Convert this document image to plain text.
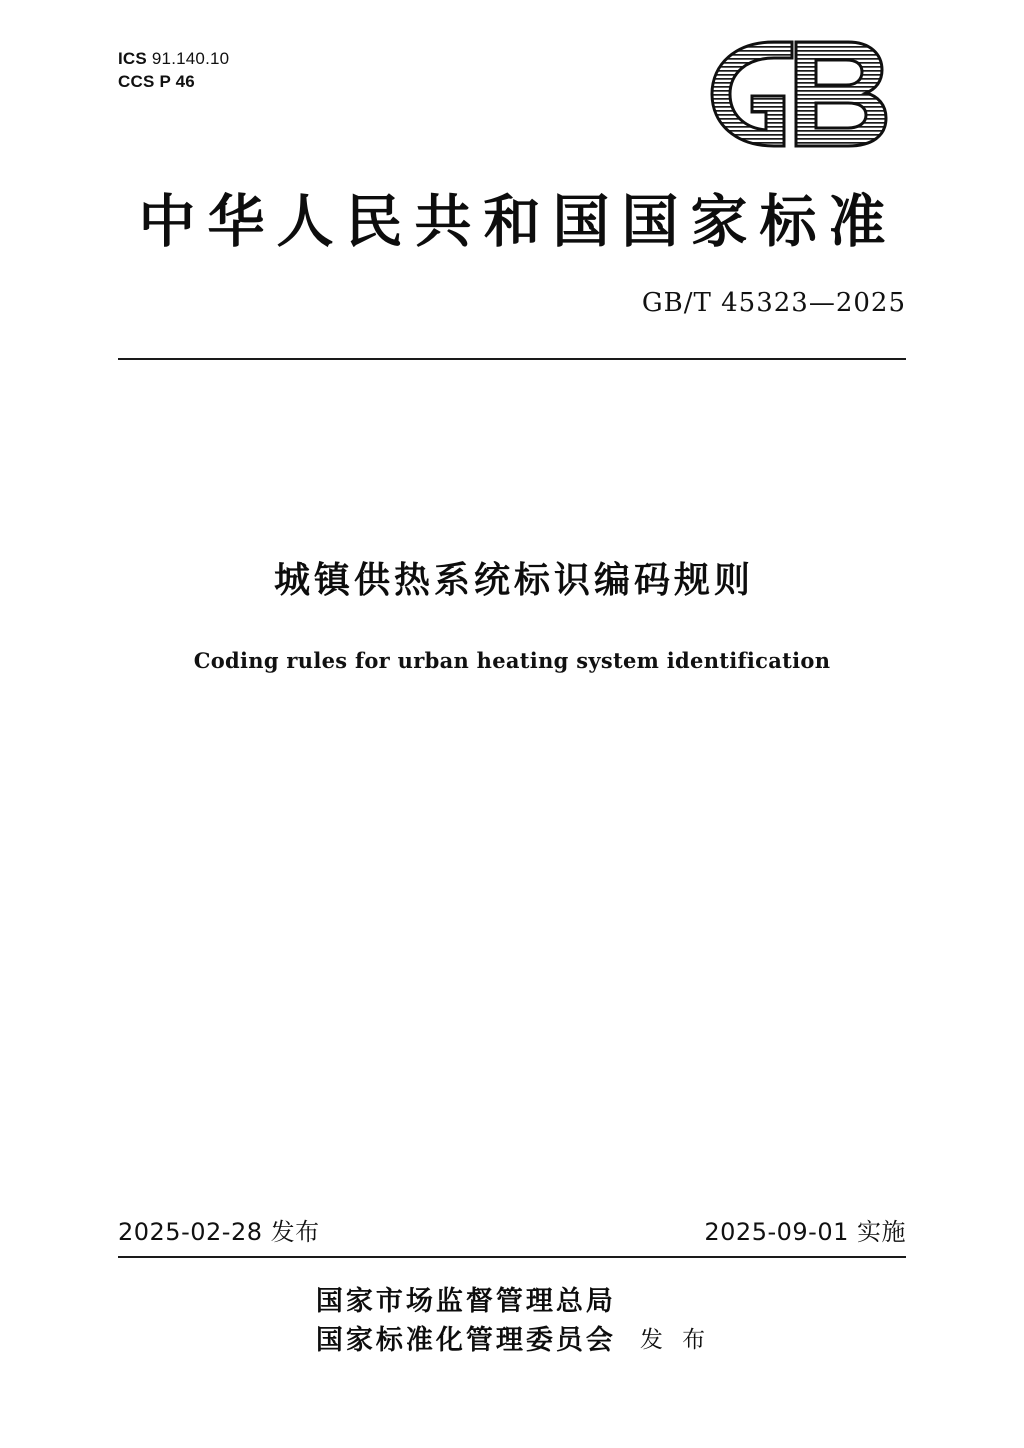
ICS 91.140.10
CCS P 46
中华人民共和国国家标准
GB/T 45323—2025
城镇供热系统标识编码规则
Coding rules for urban heating system identification
2025-02-28 发布	2025-09-01 实施
国家市场监督管理总局
国家标准化管理委员会 发 布
